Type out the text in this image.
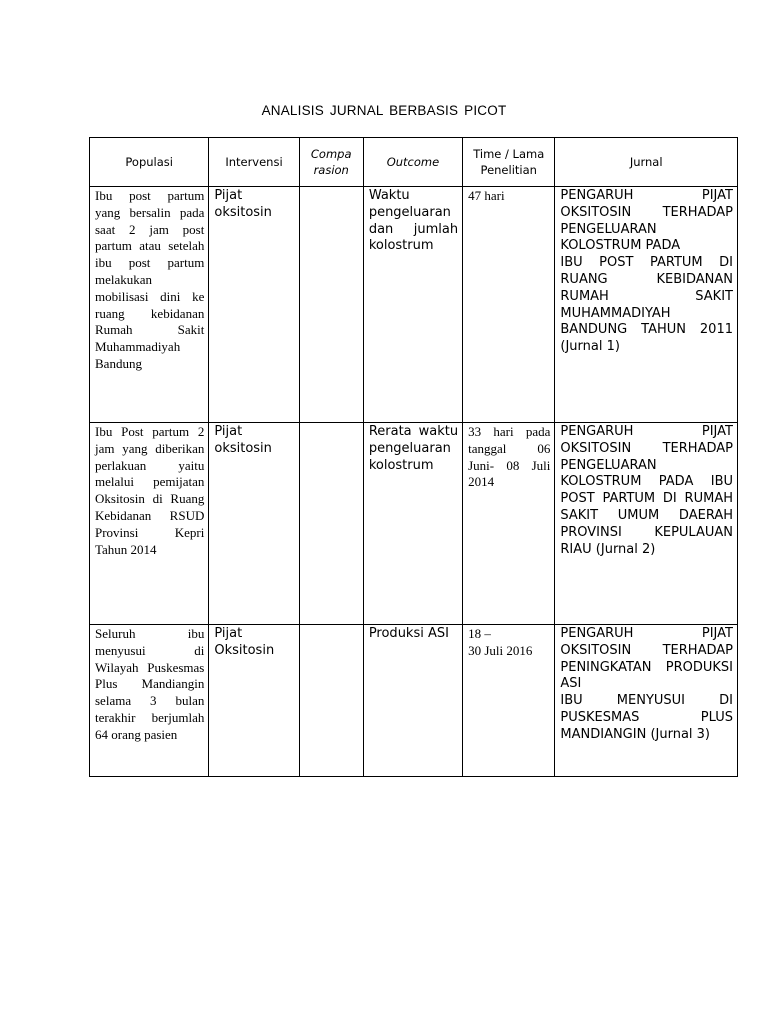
ANALISIS JURNAL BERBASIS PICOT
Populasi	Intervensi	Compa rasion	Outcome	Time / Lama Penelitian	Jurnal
Ibu post partum yang bersalin pada saat 2 jam post partum atau setelah ibu post partum melakukan mobilisasi dini ke ruang kebidanan Rumah Sakit Muhammadiyah Bandung	Pijat oksitosin		Waktu pengeluaran dan jumlah kolostrum	47 hari	PENGARUH PIJAT OKSITOSIN TERHADAP PENGELUARAN KOLOSTRUM PADA
IBU POST PARTUM DI RUANG KEBIDANAN RUMAH SAKIT MUHAMMADIYAH BANDUNG TAHUN 2011 (Jurnal 1)

Ibu Post partum 2 jam yang diberikan perlakuan yaitu melalui pemijatan Oksitosin di Ruang Kebidanan RSUD Provinsi Kepri Tahun 2014	Pijat oksitosin		Rerata waktu pengeluaran kolostrum	33 hari pada tanggal 06 Juni- 08 Juli 2014	PENGARUH PIJAT OKSITOSIN TERHADAP PENGELUARAN KOLOSTRUM PADA IBU POST PARTUM DI RUMAH SAKIT UMUM DAERAH PROVINSI KEPULAUAN RIAU (Jurnal 2)

Seluruh ibu menyusui di Wilayah Puskesmas Plus Mandiangin selama 3 bulan terakhir berjumlah 64 orang pasien	Pijat Oksitosin		Produksi ASI	18 –
30 Juli 2016	PENGARUH PIJAT OKSITOSIN TERHADAP PENINGKATAN PRODUKSI ASI
IBU MENYUSUI DI PUSKESMAS PLUS MANDIANGIN (Jurnal 3)
